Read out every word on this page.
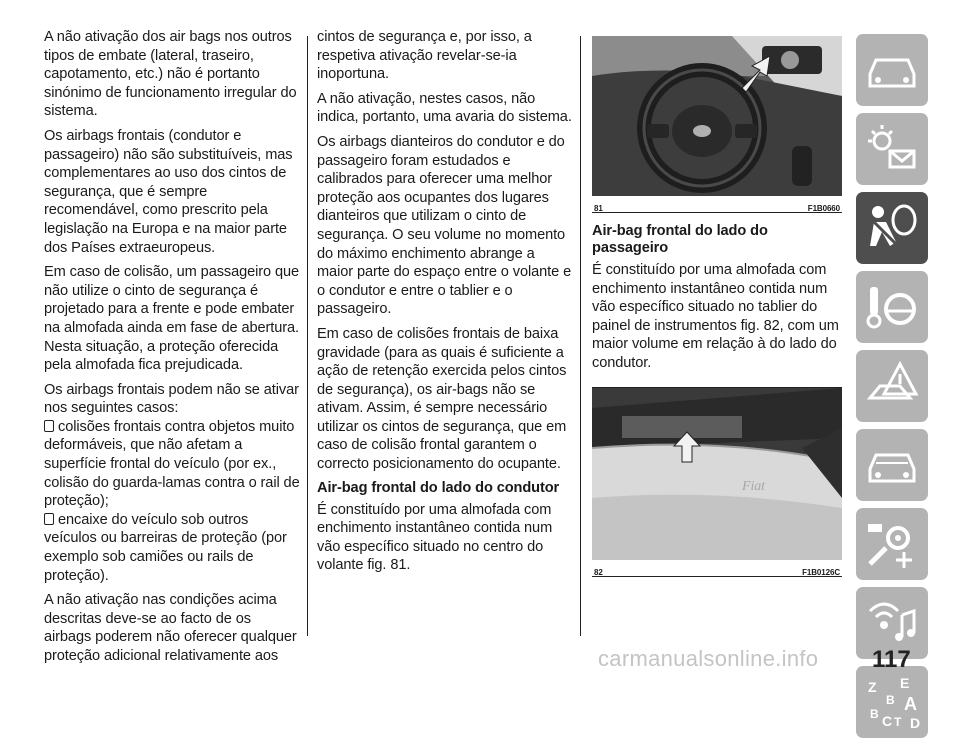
A não ativação dos air bags nos outros tipos de embate (lateral, traseiro, capotamento, etc.) não é portanto sinónimo de funcionamento irregular do sistema.

Os airbags frontais (condutor e passageiro) não são substituíveis, mas complementares ao uso dos cintos de segurança, que é sempre recomendável, como prescrito pela legislação na Europa e na maior parte dos Países extraeuropeus.

Em caso de colisão, um passageiro que não utilize o cinto de segurança é projetado para a frente e pode embater na almofada ainda em fase de abertura. Nesta situação, a proteção oferecida pela almofada fica prejudicada.

Os airbags frontais podem não se ativar nos seguintes casos:

colisões frontais contra objetos muito deformáveis, que não afetam a superfície frontal do veículo (por ex., colisão do guarda-lamas contra o rail de proteção);

encaixe do veículo sob outros veículos ou barreiras de proteção (por exemplo sob camiões ou rails de proteção).

A não ativação nas condições acima descritas deve-se ao facto de os airbags poderem não oferecer qualquer proteção adicional relativamente aos

cintos de segurança e, por isso, a respetiva ativação revelar-se-ia inoportuna.

A não ativação, nestes casos, não indica, portanto, uma avaria do sistema.

Os airbags dianteiros do condutor e do passageiro foram estudados e calibrados para oferecer uma melhor proteção aos ocupantes dos lugares dianteiros que utilizam o cinto de segurança. O seu volume no momento do máximo enchimento abrange a maior parte do espaço entre o volante e o condutor e entre o tablier e o passageiro.

Em caso de colisões frontais de baixa gravidade (para as quais é suficiente a ação de retenção exercida pelos cintos de segurança), os air-bags não se ativam. Assim, é sempre necessário utilizar os cintos de segurança, que em caso de colisão frontal garantem o correcto posicionamento do ocupante.

Air-bag frontal do lado do condutor

É constituído por uma almofada com enchimento instantâneo contida num vão específico situado no centro do volante fig. 81.

81	F1B0660
Air-bag frontal do lado do passageiro

É constituído por uma almofada com enchimento instantâneo contida num vão específico situado no tablier do painel de instrumentos fig. 82, com um maior volume em relação à do lado do condutor.

Fiat
82	F1B0126C
Z E
B A
B C T D
117
carmanualsonline.info
